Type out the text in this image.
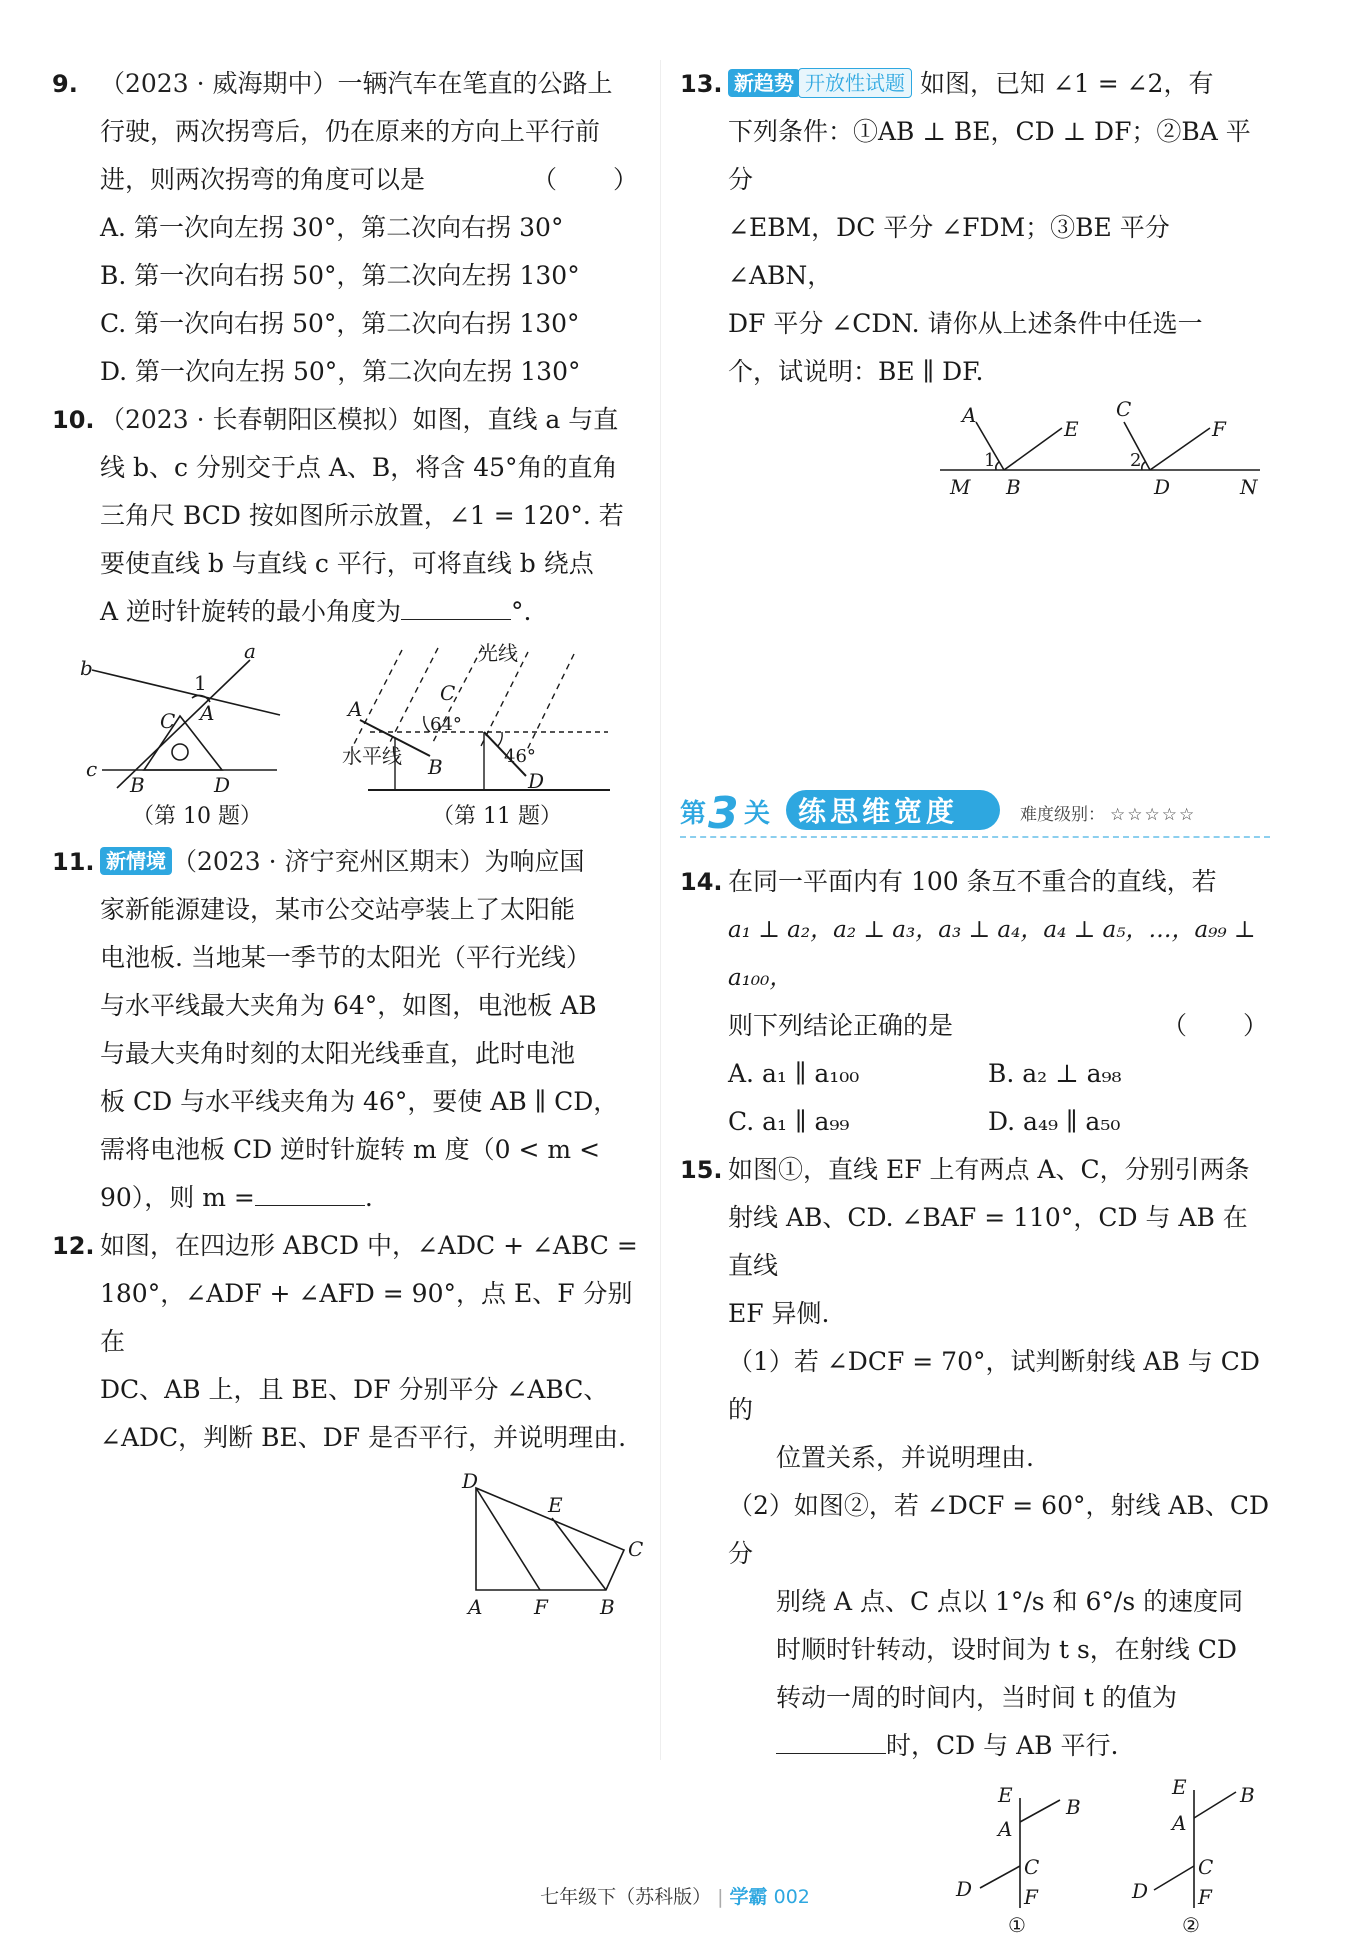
9. （2023 · 威海期中）一辆汽车在笔直的公路上
行驶，两次拐弯后，仍在原来的方向上平行前
进，则两次拐弯的角度可以是	（　　）
A. 第一次向左拐 30°，第二次向右拐 30°
B. 第一次向右拐 50°，第二次向左拐 130°
C. 第一次向右拐 50°，第二次向右拐 130°
D. 第一次向左拐 50°，第二次向左拐 130°
10. （2023 · 长春朝阳区模拟）如图，直线 a 与直
线 b、c 分别交于点 A、B，将含 45°角的直角
三角尺 BCD 按如图所示放置，∠1 = 120°. 若
要使直线 b 与直线 c 平行，可将直线 b 绕点
A 逆时针旋转的最小角度为	°.
a
b
c
A
C
B	D
1
（第 10 题）
光线
A
C
B
D
水平线
64°
46°
（第 11 题）
11. 新情境 （2023 · 济宁兖州区期末）为响应国
家新能源建设，某市公交站亭装上了太阳能
电池板. 当地某一季节的太阳光（平行光线）
与水平线最大夹角为 64°，如图，电池板 AB
与最大夹角时刻的太阳光线垂直，此时电池
板 CD 与水平线夹角为 46°，要使 AB ∥ CD，
需将电池板 CD 逆时针旋转 m 度（0 < m <
90），则 m =	.
12. 如图，在四边形 ABCD 中，∠ADC + ∠ABC =
180°，∠ADF + ∠AFD = 90°，点 E、F 分别在
DC、AB 上，且 BE、DF 分别平分 ∠ABC、
∠ADC，判断 BE、DF 是否平行，并说明理由.
D
E
C
A	F	B
13. 新趋势 开放性试题 如图，已知 ∠1 = ∠2，有
下列条件：①AB ⊥ BE，CD ⊥ DF；②BA 平分
∠EBM，DC 平分 ∠FDM；③BE 平分 ∠ABN，
DF 平分 ∠CDN. 请你从上述条件中任选一
个，试说明：BE ∥ DF.
A
E
C
F
M B	D	N
1	2
第 3 关 练思维宽度	难度级别： ☆☆☆☆☆
14. 在同一平面内有 100 条互不重合的直线，若
a₁ ⊥ a₂，a₂ ⊥ a₃，a₃ ⊥ a₄，a₄ ⊥ a₅，…，a₉₉ ⊥ a₁₀₀，
则下列结论正确的是	（　　）
A. a₁ ∥ a₁₀₀	B. a₂ ⊥ a₉₈
C. a₁ ∥ a₉₉	D. a₄₉ ∥ a₅₀
15. 如图①，直线 EF 上有两点 A、C，分别引两条
射线 AB、CD. ∠BAF = 110°，CD 与 AB 在直线
EF 异侧.
（1）若 ∠DCF = 70°，试判断射线 AB 与 CD 的
位置关系，并说明理由.
（2）如图②，若 ∠DCF = 60°，射线 AB、CD 分
别绕 A 点、C 点以 1°/s 和 6°/s 的速度同
时顺时针转动，设时间为 t s，在射线 CD
转动一周的时间内，当时间 t 的值为
时，CD 与 AB 平行.
E
A
B
C
D	F
①
E
A
B
C
D F
②
七年级下（苏科版） | 学霸 002
